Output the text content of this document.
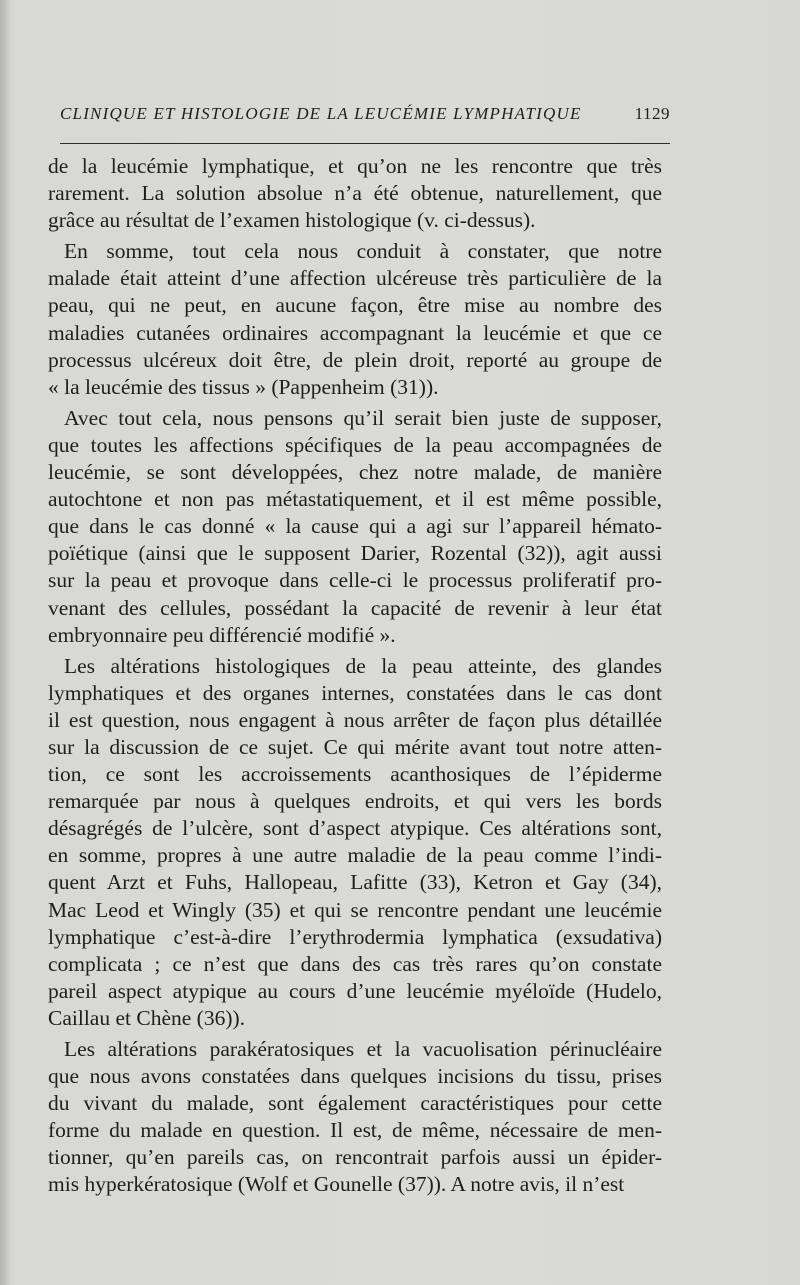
CLINIQUE ET HISTOLOGIE DE LA LEUCÉMIE LYMPHATIQUE	1129
de la leucémie lymphatique, et qu’on ne les rencontre que très
rarement. La solution absolue n’a été obtenue, naturellement, que
grâce au résultat de l’examen histologique (v. ci-dessus).
En somme, tout cela nous conduit à constater, que notre
malade était atteint d’une affection ulcéreuse très particulière de la
peau, qui ne peut, en aucune façon, être mise au nombre des
maladies cutanées ordinaires accompagnant la leucémie et que ce
processus ulcéreux doit être, de plein droit, reporté au groupe de
« la leucémie des tissus » (Pappenheim (31)).
Avec tout cela, nous pensons qu’il serait bien juste de supposer,
que toutes les affections spécifiques de la peau accompagnées de
leucémie, se sont développées, chez notre malade, de manière
autochtone et non pas métastatiquement, et il est même possible,
que dans le cas donné « la cause qui a agi sur l’appareil hémato-
poïétique (ainsi que le supposent Darier, Rozental (32)), agit aussi
sur la peau et provoque dans celle-ci le processus proliferatif pro-
venant des cellules, possédant la capacité de revenir à leur état
embryonnaire peu différencié modifié ».
Les altérations histologiques de la peau atteinte, des glandes
lymphatiques et des organes internes, constatées dans le cas dont
il est question, nous engagent à nous arrêter de façon plus détaillée
sur la discussion de ce sujet. Ce qui mérite avant tout notre atten-
tion, ce sont les accroissements acanthosiques de l’épiderme
remarquée par nous à quelques endroits, et qui vers les bords
désagrégés de l’ulcère, sont d’aspect atypique. Ces altérations sont,
en somme, propres à une autre maladie de la peau comme l’indi-
quent Arzt et Fuhs, Hallopeau, Lafitte (33), Ketron et Gay (34),
Mac Leod et Wingly (35) et qui se rencontre pendant une leucémie
lymphatique c’est-à-dire l’erythrodermia lymphatica (exsudativa)
complicata ; ce n’est que dans des cas très rares qu’on constate
pareil aspect atypique au cours d’une leucémie myéloïde (Hudelo,
Caillau et Chène (36)).
Les altérations parakératosiques et la vacuolisation périnucléaire
que nous avons constatées dans quelques incisions du tissu, prises
du vivant du malade, sont également caractéristiques pour cette
forme du malade en question. Il est, de même, nécessaire de men-
tionner, qu’en pareils cas, on rencontrait parfois aussi un épider-
mis hyperkératosique (Wolf et Gounelle (37)). A notre avis, il n’est
